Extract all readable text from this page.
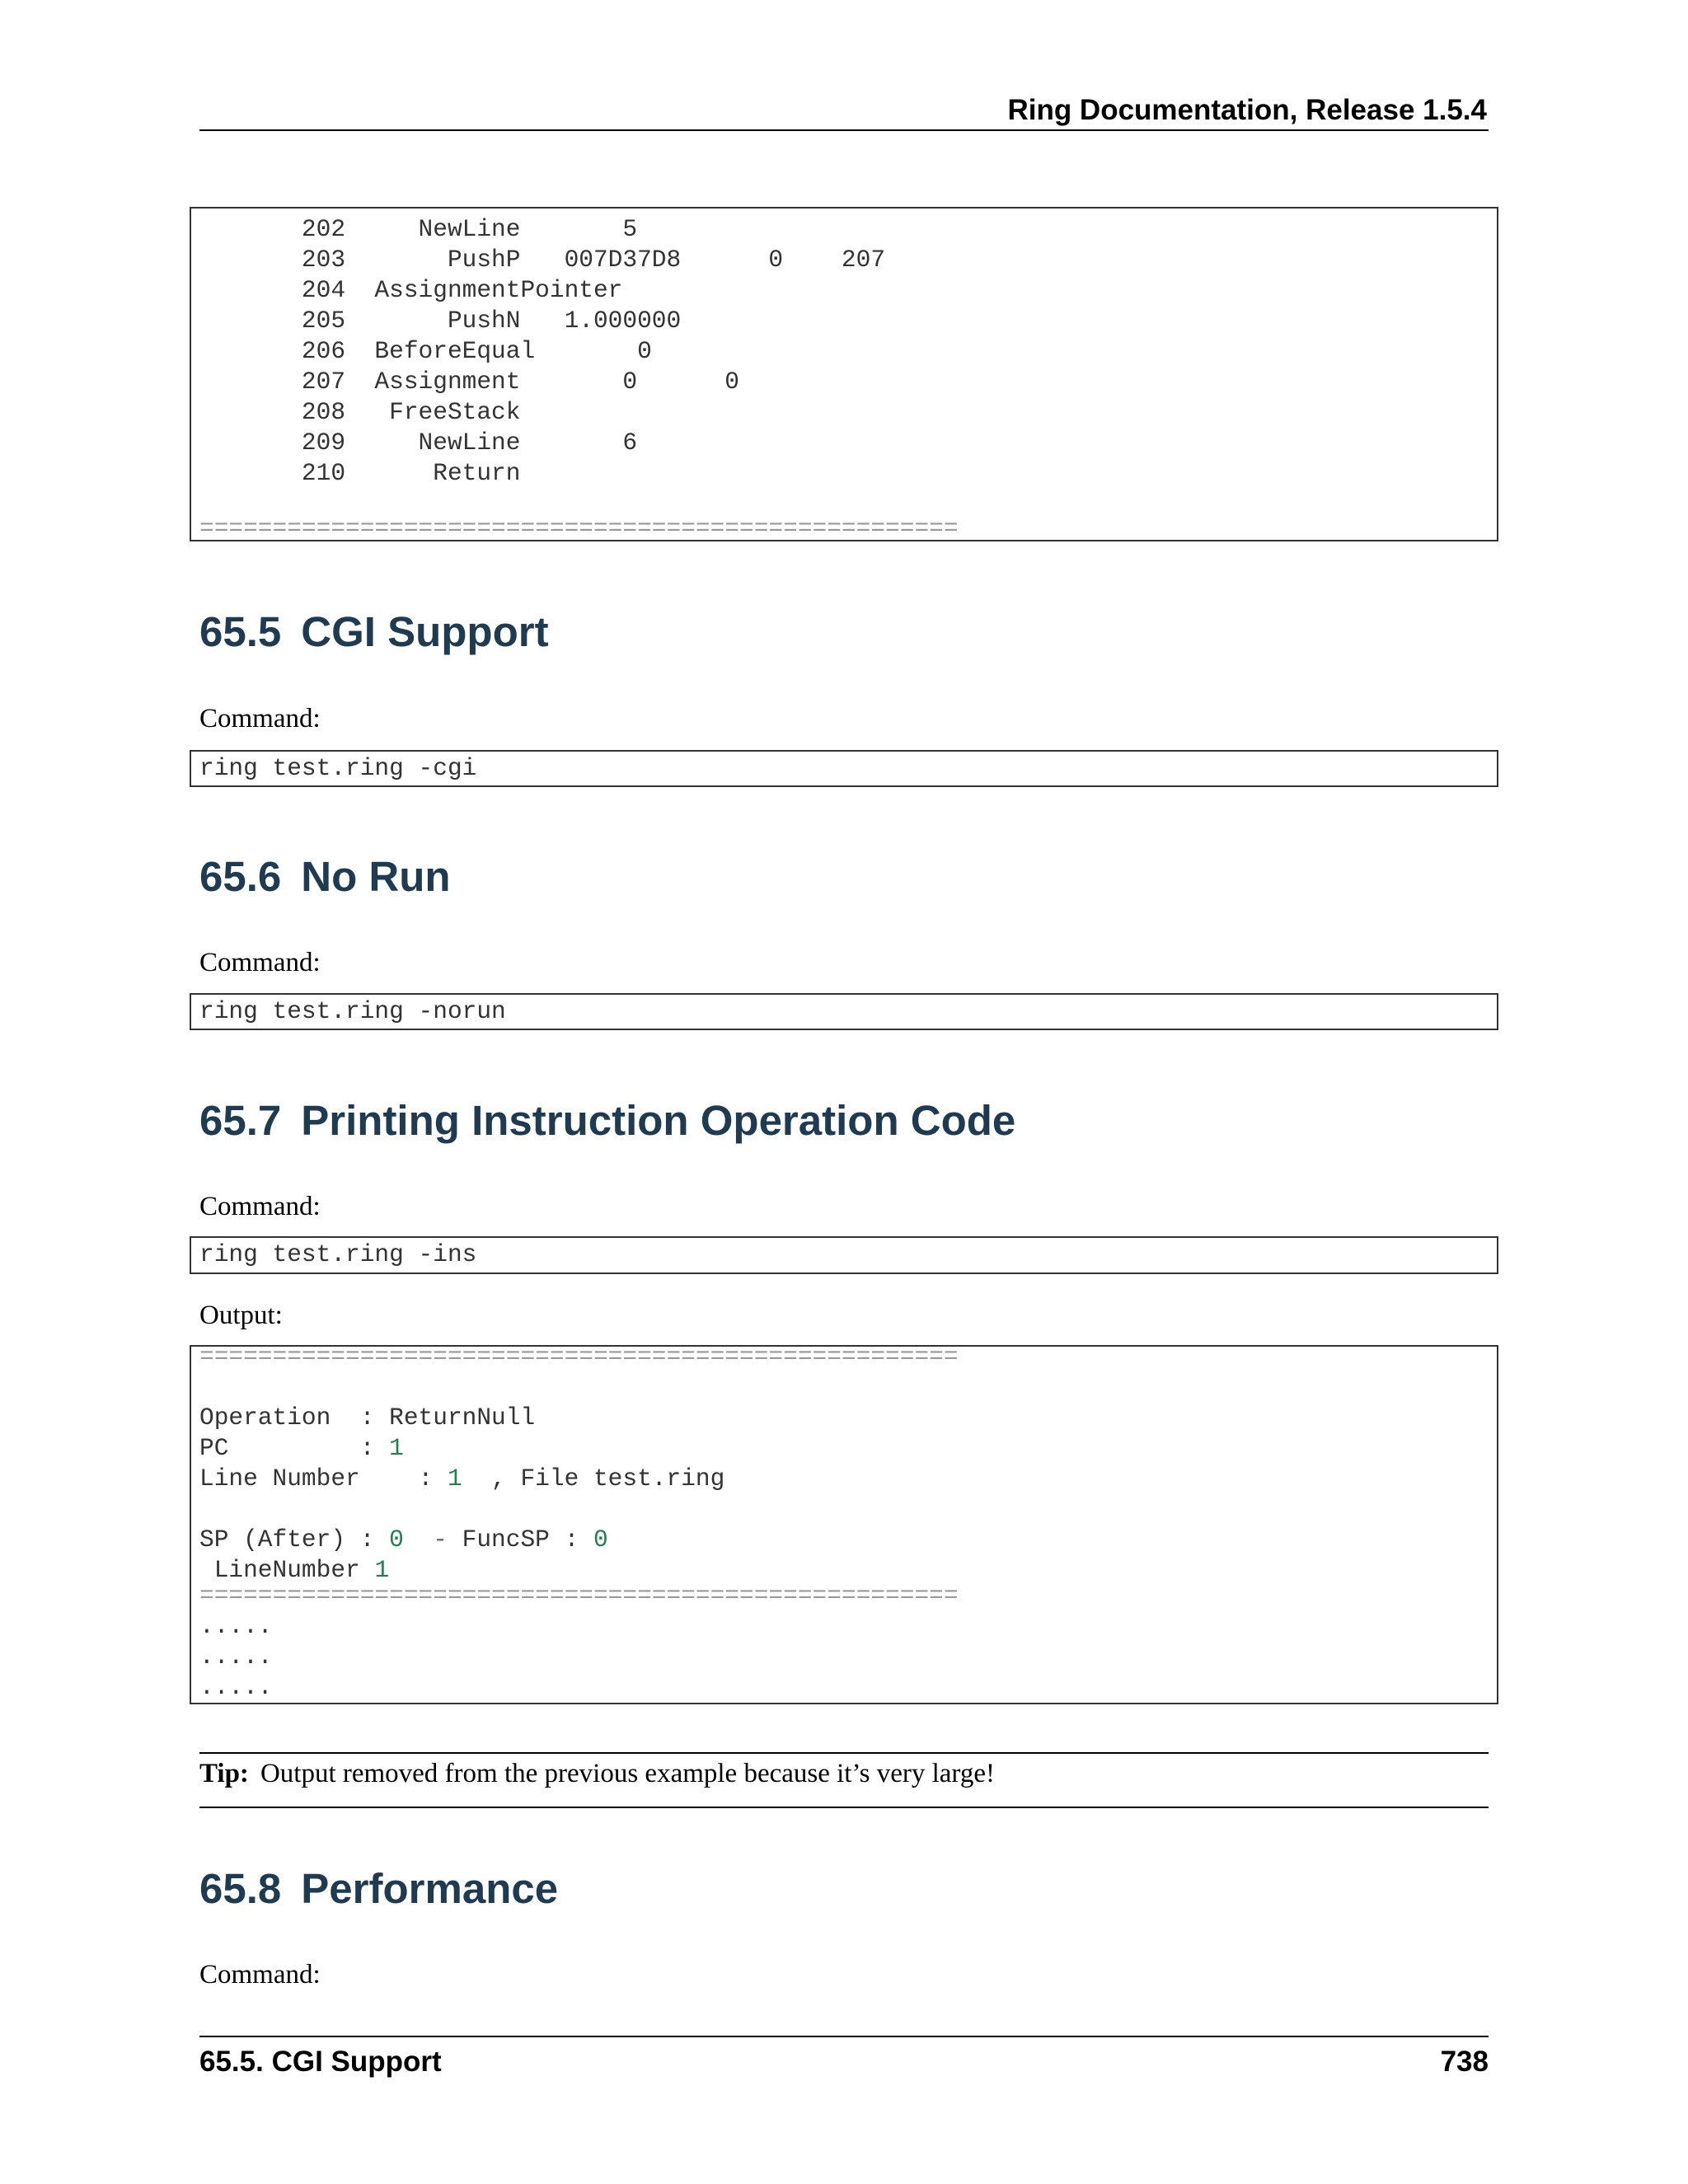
Ring Documentation, Release 1.5.4
202     NewLine       5
203       PushP   007D37D8      0    207
204  AssignmentPointer
205       PushN   1.000000
206  BeforeEqual       0
207  Assignment       0      0
208   FreeStack
209     NewLine       6
210      Return
====================================================
65.5 CGI Support
Command:
ring test.ring -cgi
65.6 No Run
Command:
ring test.ring -norun
65.7 Printing Instruction Operation Code
Command:
ring test.ring -ins
Output:
====================================================
Operation  : ReturnNull
PC         : 1
Line Number    : 1  , File test.ring
SP (After) : 0  - FuncSP : 0
LineNumber 1
====================================================
.....
.....
.....
Tip: Output removed from the previous example because it’s very large!
65.8 Performance
Command:
65.5. CGI Support	738
